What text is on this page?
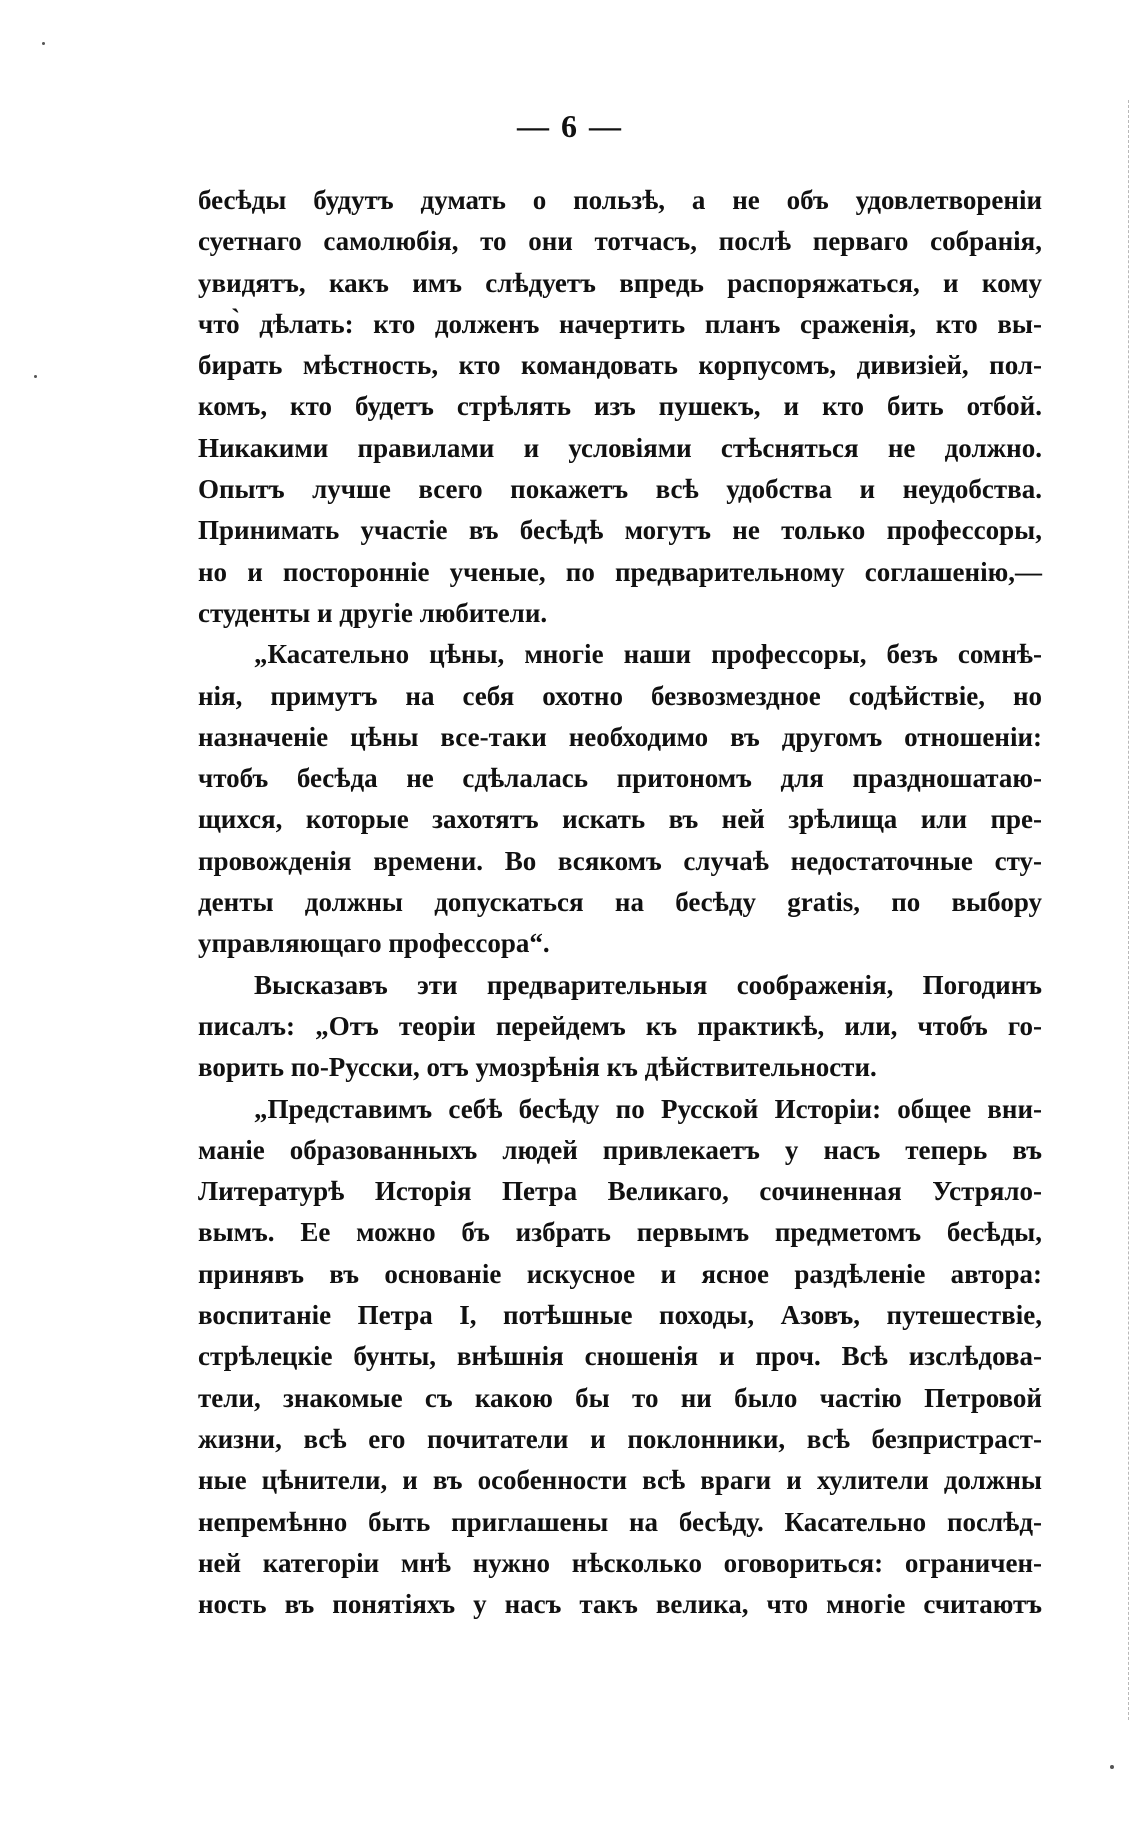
— 6 —
бесѣды будутъ думать о пользѣ, а не объ удовлетворенiи
суетнаго самолюбія, то они тотчасъ, послѣ перваго собранія,
увидятъ, какъ имъ слѣдуетъ впредь распоряжаться, и кому
что̀ дѣлать: кто долженъ начертить планъ сраженія, кто вы-
бирать мѣстность, кто командовать корпусомъ, дивизіей, пол-
комъ, кто будетъ стрѣлять изъ пушекъ, и кто бить отбой.
Никакими правилами и условіями стѣсняться не должно.
Опытъ лучше всего покажетъ всѣ удобства и неудобства.
Принимать участіе въ бесѣдѣ могутъ не только профессоры,
но и посторонніе ученые, по предварительному соглашенію,—
студенты и другіе любители.
„Касательно цѣны, многіе наши профессоры, безъ сомнѣ-
нія, примутъ на себя охотно безвозмездное содѣйствіе, но
назначеніе цѣны все-таки необходимо въ другомъ отношенiи:
чтобъ бесѣда не сдѣлалась притономъ для праздношатаю-
щихся, которые захотятъ искать въ ней зрѣлища или пре-
провожденія времени. Во всякомъ случаѣ недостаточные сту-
денты должны допускаться на бесѣду gratis, по выбору
управляющаго профессора“.
Высказавъ эти предварительныя соображенія, Погодинъ
писалъ: „Отъ теоріи перейдемъ къ практикѣ, или, чтобъ го-
ворить по-Русски, отъ умозрѣнія къ дѣйствительности.
„Представимъ себѣ бесѣду по Русской Исторіи: общее вни-
маніе образованныхъ людей привлекаетъ у насъ теперь въ
Литературѣ Исторія Петра Великаго, сочиненная Устряло-
вымъ. Ее можно бъ избрать первымъ предметомъ бесѣды,
принявъ въ основаніе искусное и ясное раздѣленіе автора:
воспитаніе Петра I, потѣшные походы, Азовъ, путешествіе,
стрѣлецкіе бунты, внѣшнія сношенія и проч. Всѣ изслѣдова-
тели, знакомые съ какою бы то ни было частію Петровой
жизни, всѣ его почитатели и поклонники, всѣ безпристраст-
ные цѣнители, и въ особенности всѣ враги и хулители должны
непремѣнно быть приглашены на бесѣду. Касательно послѣд-
ней категоріи мнѣ нужно нѣсколько оговориться: ограничен-
ность въ понятіяхъ у насъ такъ велика, что многіе считаютъ
